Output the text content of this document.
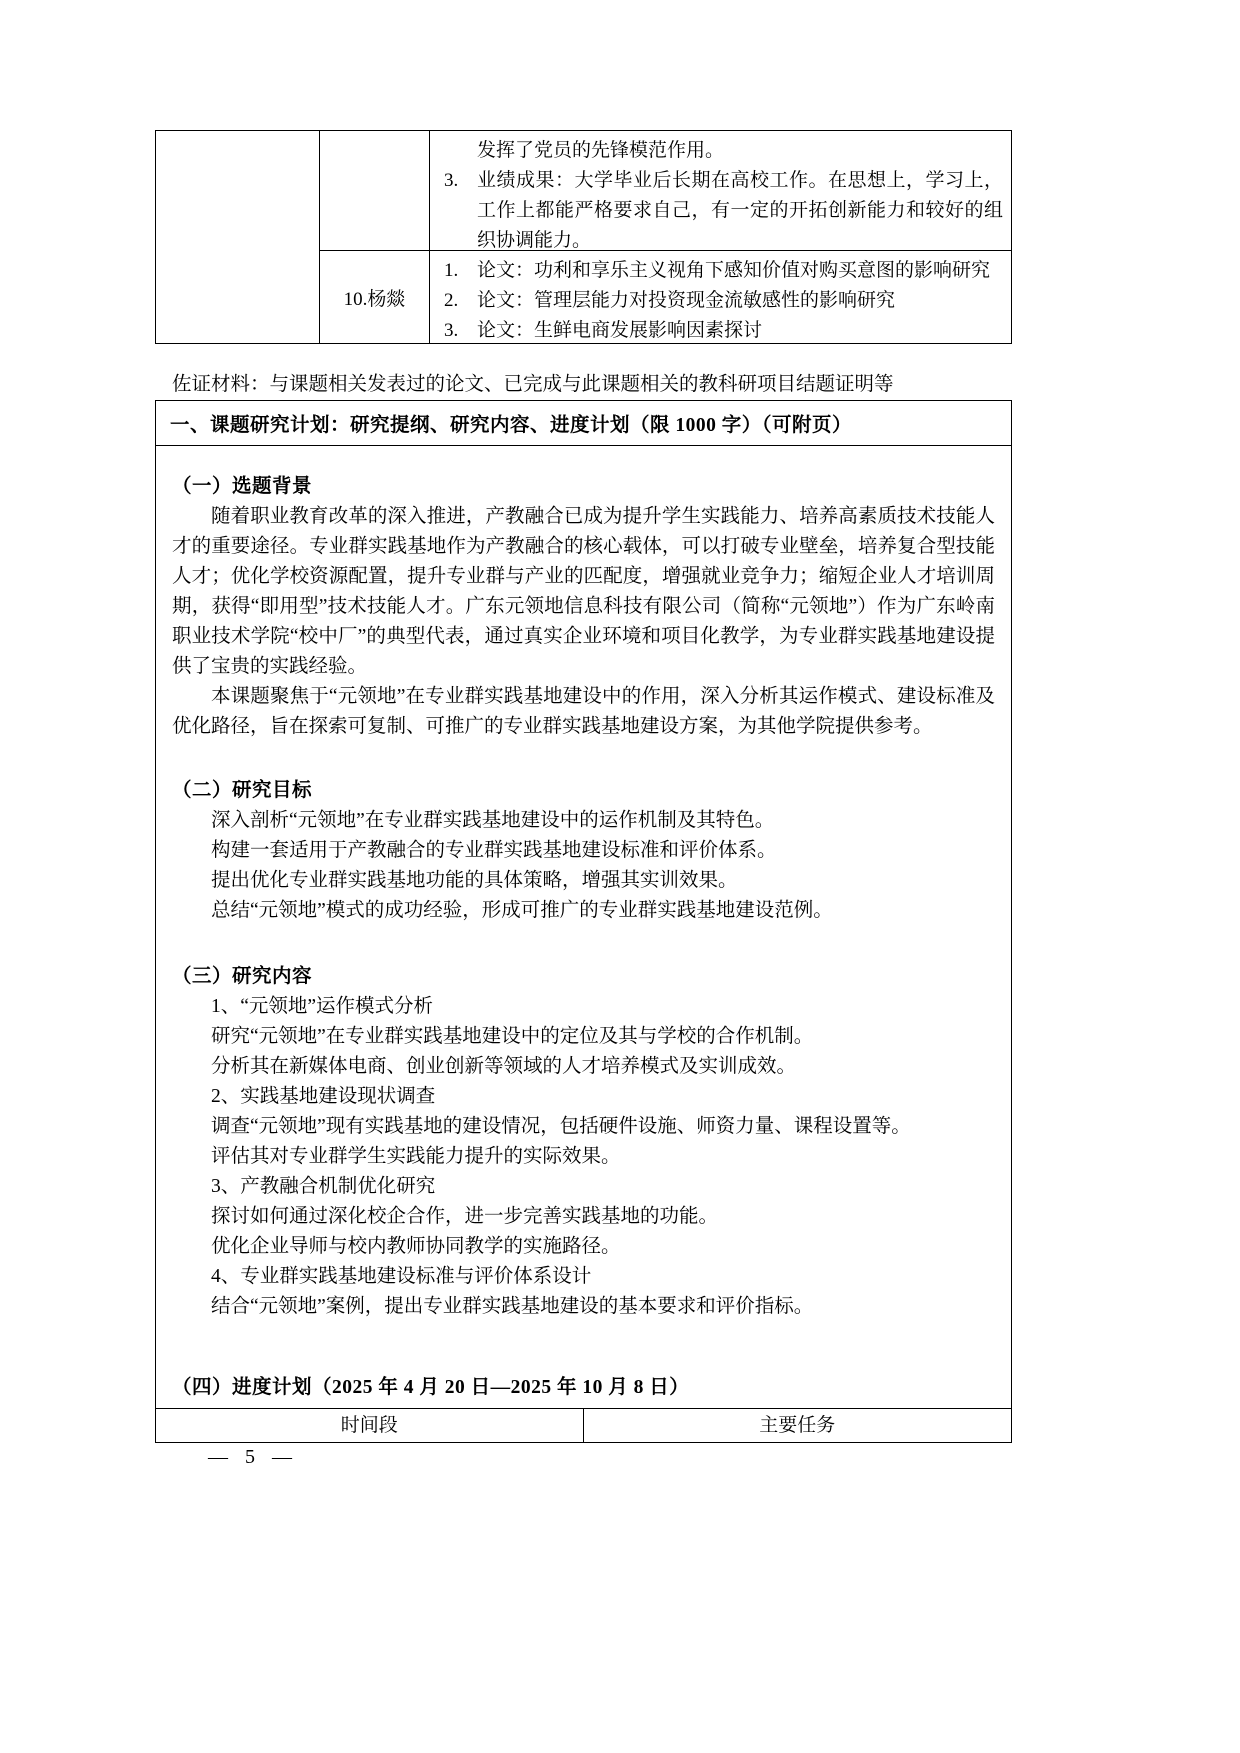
发挥了党员的先锋模范作用。
3. 业绩成果：大学毕业后长期在高校工作。在思想上，学习上，工作上都能严格要求自己，有一定的开拓创新能力和较好的组织协调能力。
10.杨燚
1. 论文：功利和享乐主义视角下感知价值对购买意图的影响研究
2. 论文：管理层能力对投资现金流敏感性的影响研究
3. 论文：生鲜电商发展影响因素探讨
佐证材料：与课题相关发表过的论文、已完成与此课题相关的教科研项目结题证明等
一、课题研究计划：研究提纲、研究内容、进度计划（限 1000 字）（可附页）
（一）选题背景

随着职业教育改革的深入推进，产教融合已成为提升学生实践能力、培养高素质技术技能人才的重要途径。专业群实践基地作为产教融合的核心载体，可以打破专业壁垒，培养复合型技能人才；优化学校资源配置，提升专业群与产业的匹配度，增强就业竞争力；缩短企业人才培训周期，获得“即用型”技术技能人才。广东元领地信息科技有限公司（简称“元领地”）作为广东岭南职业技术学院“校中厂”的典型代表，通过真实企业环境和项目化教学，为专业群实践基地建设提供了宝贵的实践经验。

本课题聚焦于“元领地”在专业群实践基地建设中的作用，深入分析其运作模式、建设标准及优化路径，旨在探索可复制、可推广的专业群实践基地建设方案，为其他学院提供参考。

（二）研究目标

深入剖析“元领地”在专业群实践基地建设中的运作机制及其特色。

构建一套适用于产教融合的专业群实践基地建设标准和评价体系。

提出优化专业群实践基地功能的具体策略，增强其实训效果。

总结“元领地”模式的成功经验，形成可推广的专业群实践基地建设范例。

（三）研究内容

1、“元领地”运作模式分析

研究“元领地”在专业群实践基地建设中的定位及其与学校的合作机制。

分析其在新媒体电商、创业创新等领域的人才培养模式及实训成效。

2、实践基地建设现状调查

调查“元领地”现有实践基地的建设情况，包括硬件设施、师资力量、课程设置等。

评估其对专业群学生实践能力提升的实际效果。

3、产教融合机制优化研究

探讨如何通过深化校企合作，进一步完善实践基地的功能。

优化企业导师与校内教师协同教学的实施路径。

4、专业群实践基地建设标准与评价体系设计

结合“元领地”案例，提出专业群实践基地建设的基本要求和评价指标。

（四）进度计划（2025 年 4 月 20 日—2025 年 10 月 8 日）
时间段	主要任务
— 5 —
